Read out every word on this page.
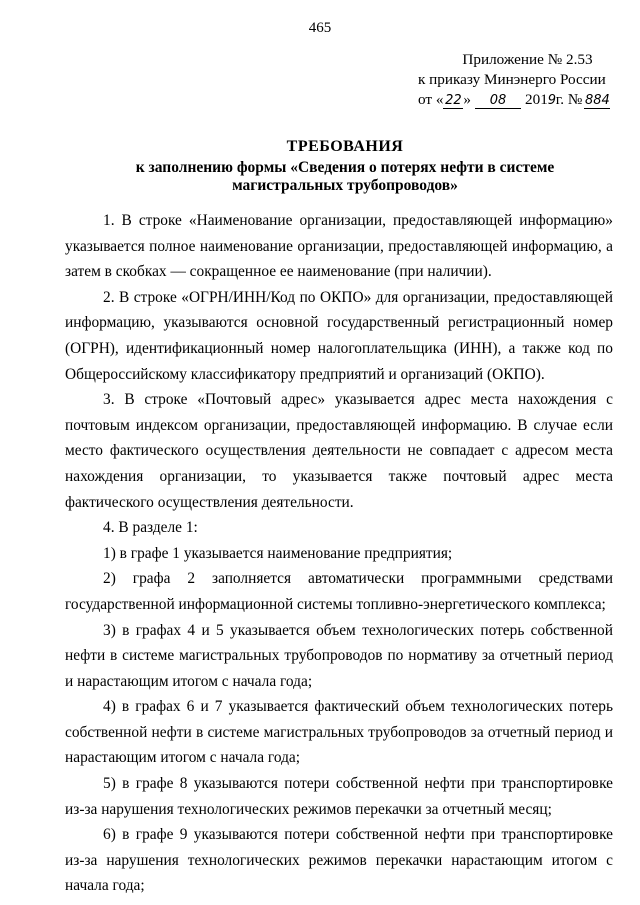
465
Приложение № 2.53
к приказу Минэнерго России
от « 22 » 08 2019г. № 884
ТРЕБОВАНИЯ
к заполнению формы «Сведения о потерях нефти в системе магистральных трубопроводов»

1. В строке «Наименование организации, предоставляющей информацию» указывается полное наименование организации, предоставляющей информацию, а затем в скобках — сокращенное ее наименование (при наличии).

2. В строке «ОГРН/ИНН/Код по ОКПО» для организации, предоставляющей информацию, указываются основной государственный регистрационный номер (ОГРН), идентификационный номер налогоплательщика (ИНН), а также код по Общероссийскому классификатору предприятий и организаций (ОКПО).

3. В строке «Почтовый адрес» указывается адрес места нахождения с почтовым индексом организации, предоставляющей информацию. В случае если место фактического осуществления деятельности не совпадает с адресом места нахождения организации, то указывается также почтовый адрес места фактического осуществления деятельности.

4. В разделе 1:

1) в графе 1 указывается наименование предприятия;

2) графа 2 заполняется автоматически программными средствами государственной информационной системы топливно-энергетического комплекса;

3) в графах 4 и 5 указывается объем технологических потерь собственной нефти в системе магистральных трубопроводов по нормативу за отчетный период и нарастающим итогом с начала года;

4) в графах 6 и 7 указывается фактический объем технологических потерь собственной нефти в системе магистральных трубопроводов за отчетный период и нарастающим итогом с начала года;

5) в графе 8 указываются потери собственной нефти при транспортировке из-за нарушения технологических режимов перекачки за отчетный месяц;

6) в графе 9 указываются потери собственной нефти при транспортировке из-за нарушения технологических режимов перекачки нарастающим итогом с начала года;
